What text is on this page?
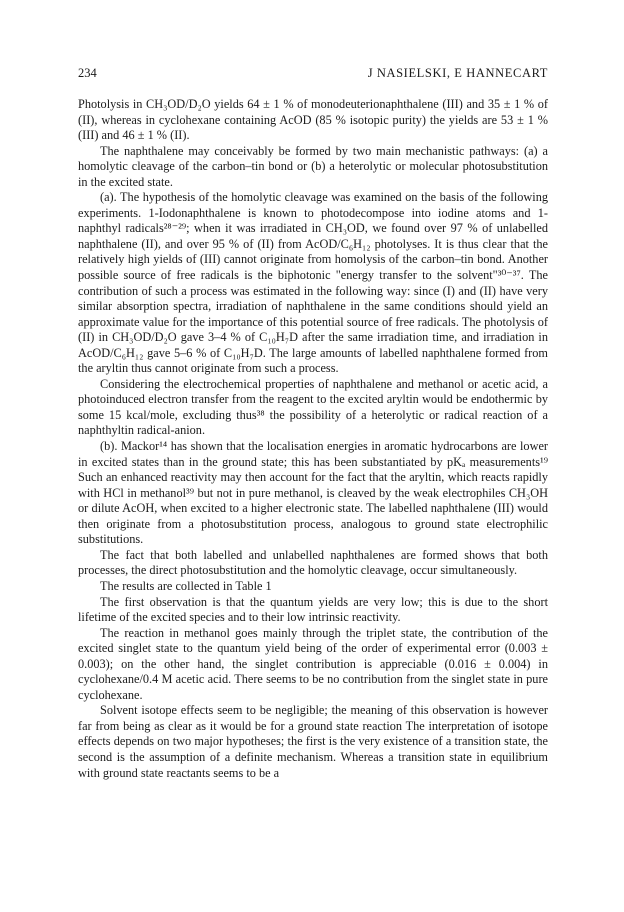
234	J NASIELSKI, E HANNECART

Photolysis in CH₃OD/D₂O yields 64 ± 1 % of monodeuterionaphthalene (III) and 35 ± 1 % of (II), whereas in cyclohexane containing AcOD (85 % isotopic purity) the yields are 53 ± 1 % (III) and 46 ± 1 % (II).

The naphthalene may conceivably be formed by two main mechanistic pathways: (a) a homolytic cleavage of the carbon–tin bond or (b) a heterolytic or molecular photosubstitution in the excited state.

(a). The hypothesis of the homolytic cleavage was examined on the basis of the following experiments. 1-Iodonaphthalene is known to photodecompose into iodine atoms and 1-naphthyl radicals²⁸⁻²⁹; when it was irradiated in CH₃OD, we found over 97 % of unlabelled naphthalene (II), and over 95 % of (II) from AcOD/C₆H₁₂ photolyses. It is thus clear that the relatively high yields of (III) cannot originate from homolysis of the carbon–tin bond. Another possible source of free radicals is the biphotonic "energy transfer to the solvent"³⁰⁻³⁷. The contribution of such a process was estimated in the following way: since (I) and (II) have very similar absorption spectra, irradiation of naphthalene in the same conditions should yield an approximate value for the importance of this potential source of free radicals. The photolysis of (II) in CH₃OD/D₂O gave 3–4 % of C₁₀H₇D after the same irradiation time, and irradiation in AcOD/C₆H₁₂ gave 5–6 % of C₁₀H₇D. The large amounts of labelled naphthalene formed from the aryltin thus cannot originate from such a process.

Considering the electrochemical properties of naphthalene and methanol or acetic acid, a photoinduced electron transfer from the reagent to the excited aryltin would be endothermic by some 15 kcal/mole, excluding thus³⁸ the possibility of a heterolytic or radical reaction of a naphthyltin radical-anion.

(b). Mackor¹⁴ has shown that the localisation energies in aromatic hydrocarbons are lower in excited states than in the ground state; this has been substantiated by pKₐ measurements¹⁹ Such an enhanced reactivity may then account for the fact that the aryltin, which reacts rapidly with HCl in methanol³⁹ but not in pure methanol, is cleaved by the weak electrophiles CH₃OH or dilute AcOH, when excited to a higher electronic state. The labelled naphthalene (III) would then originate from a photosubstitution process, analogous to ground state electrophilic substitutions.

The fact that both labelled and unlabelled naphthalenes are formed shows that both processes, the direct photosubstitution and the homolytic cleavage, occur simultaneously.

The results are collected in Table 1

The first observation is that the quantum yields are very low; this is due to the short lifetime of the excited species and to their low intrinsic reactivity.

The reaction in methanol goes mainly through the triplet state, the contribution of the excited singlet state to the quantum yield being of the order of experimental error (0.003 ± 0.003); on the other hand, the singlet contribution is appreciable (0.016 ± 0.004) in cyclohexane/0.4 M acetic acid. There seems to be no contribution from the singlet state in pure cyclohexane.

Solvent isotope effects seem to be negligible; the meaning of this observation is however far from being as clear as it would be for a ground state reaction The interpretation of isotope effects depends on two major hypotheses; the first is the very existence of a transition state, the second is the assumption of a definite mechanism. Whereas a transition state in equilibrium with ground state reactants seems to be a
